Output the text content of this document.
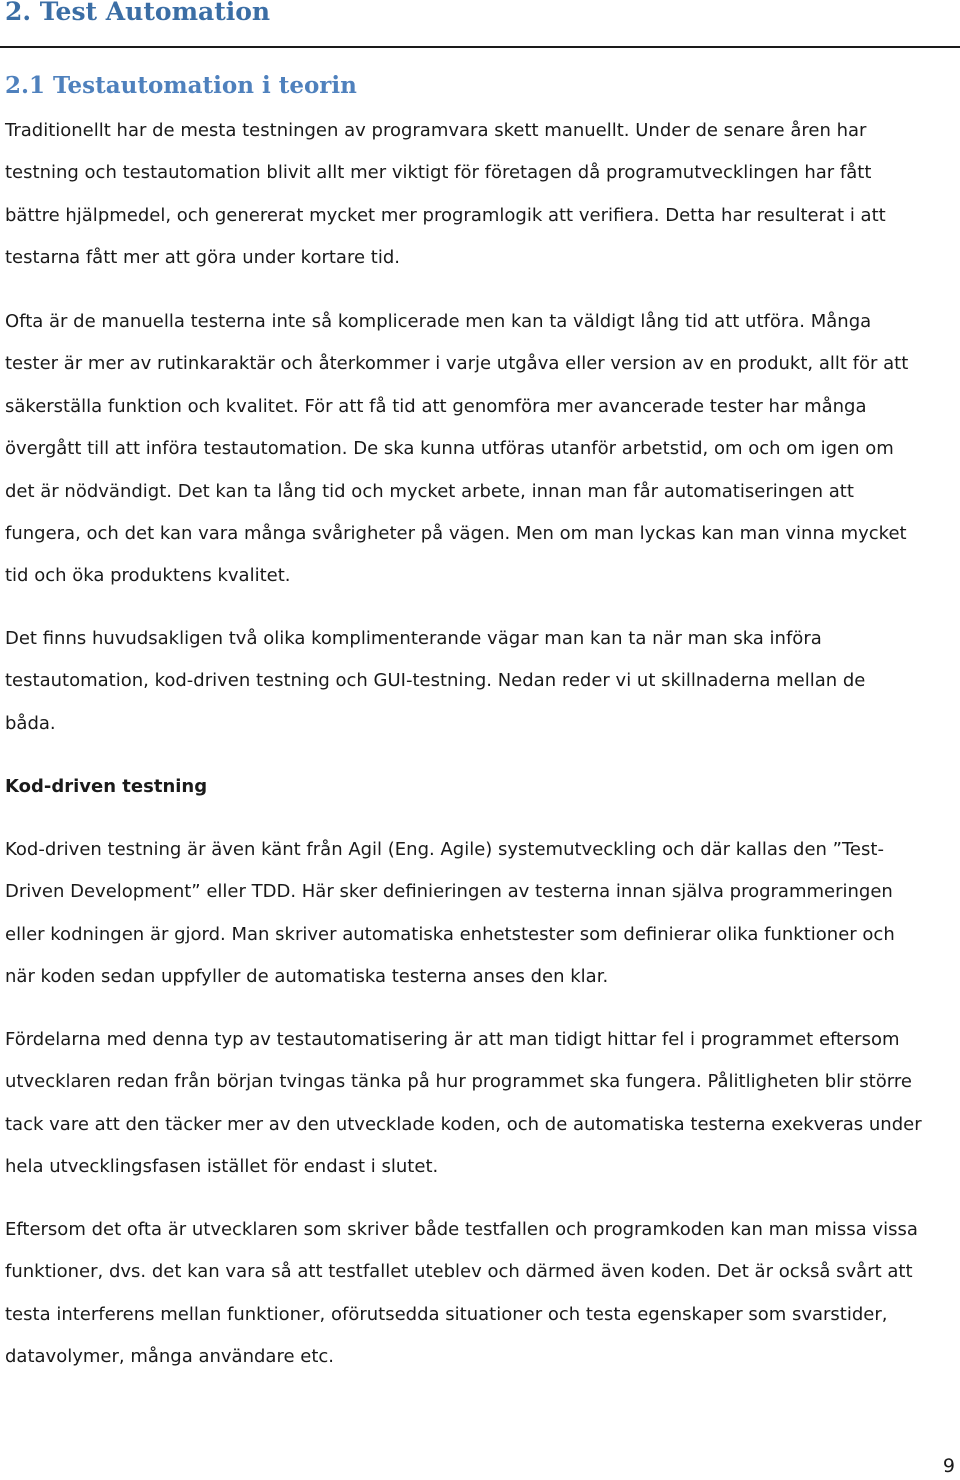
2. Test Automation
2.1 Testautomation i teorin
Traditionellt har de mesta testningen av programvara skett manuellt. Under de senare åren har
testning och testautomation blivit allt mer viktigt för företagen då programutvecklingen har fått
bättre hjälpmedel, och genererat mycket mer programlogik att verifiera. Detta har resulterat i att
testarna fått mer att göra under kortare tid.
Ofta är de manuella testerna inte så komplicerade men kan ta väldigt lång tid att utföra. Många
tester är mer av rutinkaraktär och återkommer i varje utgåva eller version av en produkt, allt för att
säkerställa funktion och kvalitet. För att få tid att genomföra mer avancerade tester har många
övergått till att införa testautomation. De ska kunna utföras utanför arbetstid, om och om igen om
det är nödvändigt. Det kan ta lång tid och mycket arbete, innan man får automatiseringen att
fungera, och det kan vara många svårigheter på vägen. Men om man lyckas kan man vinna mycket
tid och öka produktens kvalitet.
Det finns huvudsakligen två olika komplimenterande vägar man kan ta när man ska införa
testautomation, kod-driven testning och GUI-testning. Nedan reder vi ut skillnaderna mellan de
båda.
Kod-driven testning
Kod-driven testning är även känt från Agil (Eng. Agile) systemutveckling och där kallas den ”Test-
Driven Development” eller TDD. Här sker definieringen av testerna innan själva programmeringen
eller kodningen är gjord. Man skriver automatiska enhetstester som definierar olika funktioner och
när koden sedan uppfyller de automatiska testerna anses den klar.
Fördelarna med denna typ av testautomatisering är att man tidigt hittar fel i programmet eftersom
utvecklaren redan från början tvingas tänka på hur programmet ska fungera. Pålitligheten blir större
tack vare att den täcker mer av den utvecklade koden, och de automatiska testerna exekveras under
hela utvecklingsfasen istället för endast i slutet.
Eftersom det ofta är utvecklaren som skriver både testfallen och programkoden kan man missa vissa
funktioner, dvs. det kan vara så att testfallet uteblev och därmed även koden. Det är också svårt att
testa interferens mellan funktioner, oförutsedda situationer och testa egenskaper som svarstider,
datavolymer, många användare etc.
9
